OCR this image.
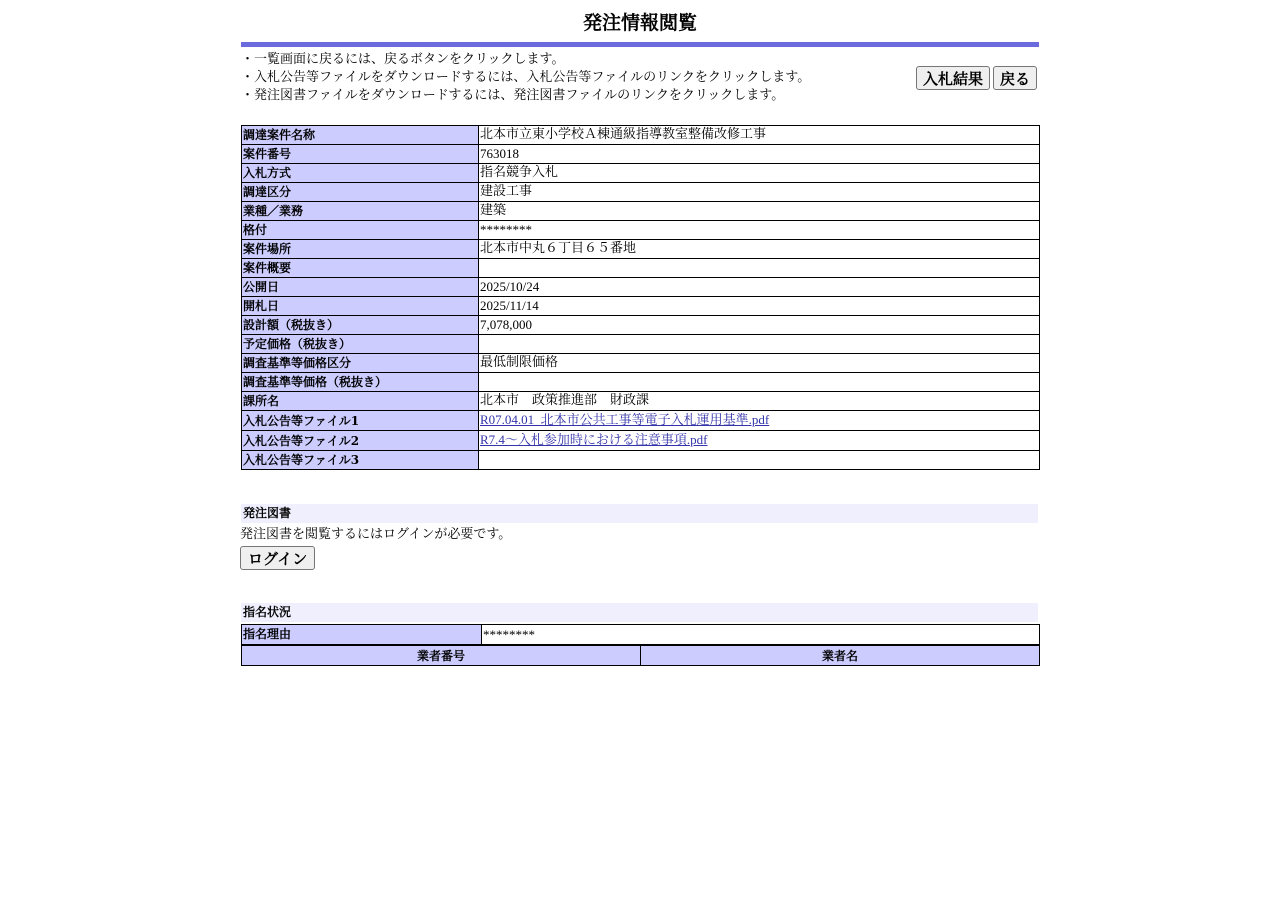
発注情報閲覧
・一覧画面に戻るには、戻るボタンをクリックします。
・入札公告等ファイルをダウンロードするには、入札公告等ファイルのリンクをクリックします。
・発注図書ファイルをダウンロードするには、発注図書ファイルのリンクをクリックします。
入札結果	戻る
調達案件名称	北本市立東小学校Ａ棟通級指導教室整備改修工事
案件番号	763018
入札方式	指名競争入札
調達区分	建設工事
業種／業務	建築
格付	********
案件場所	北本市中丸６丁目６５番地
案件概要	
公開日	2025/10/24
開札日	2025/11/14
設計額（税抜き）	7,078,000
予定価格（税抜き）	
調査基準等価格区分	最低制限価格
調査基準等価格（税抜き）	
課所名	北本市　政策推進部　財政課
入札公告等ファイル1	R07.04.01_北本市公共工事等電子入札運用基準.pdf
入札公告等ファイル2	R7.4～入札参加時における注意事項.pdf
入札公告等ファイル3	
発注図書
発注図書を閲覧するにはログインが必要です。
ログイン
指名状況
指名理由	********
業者番号	業者名
